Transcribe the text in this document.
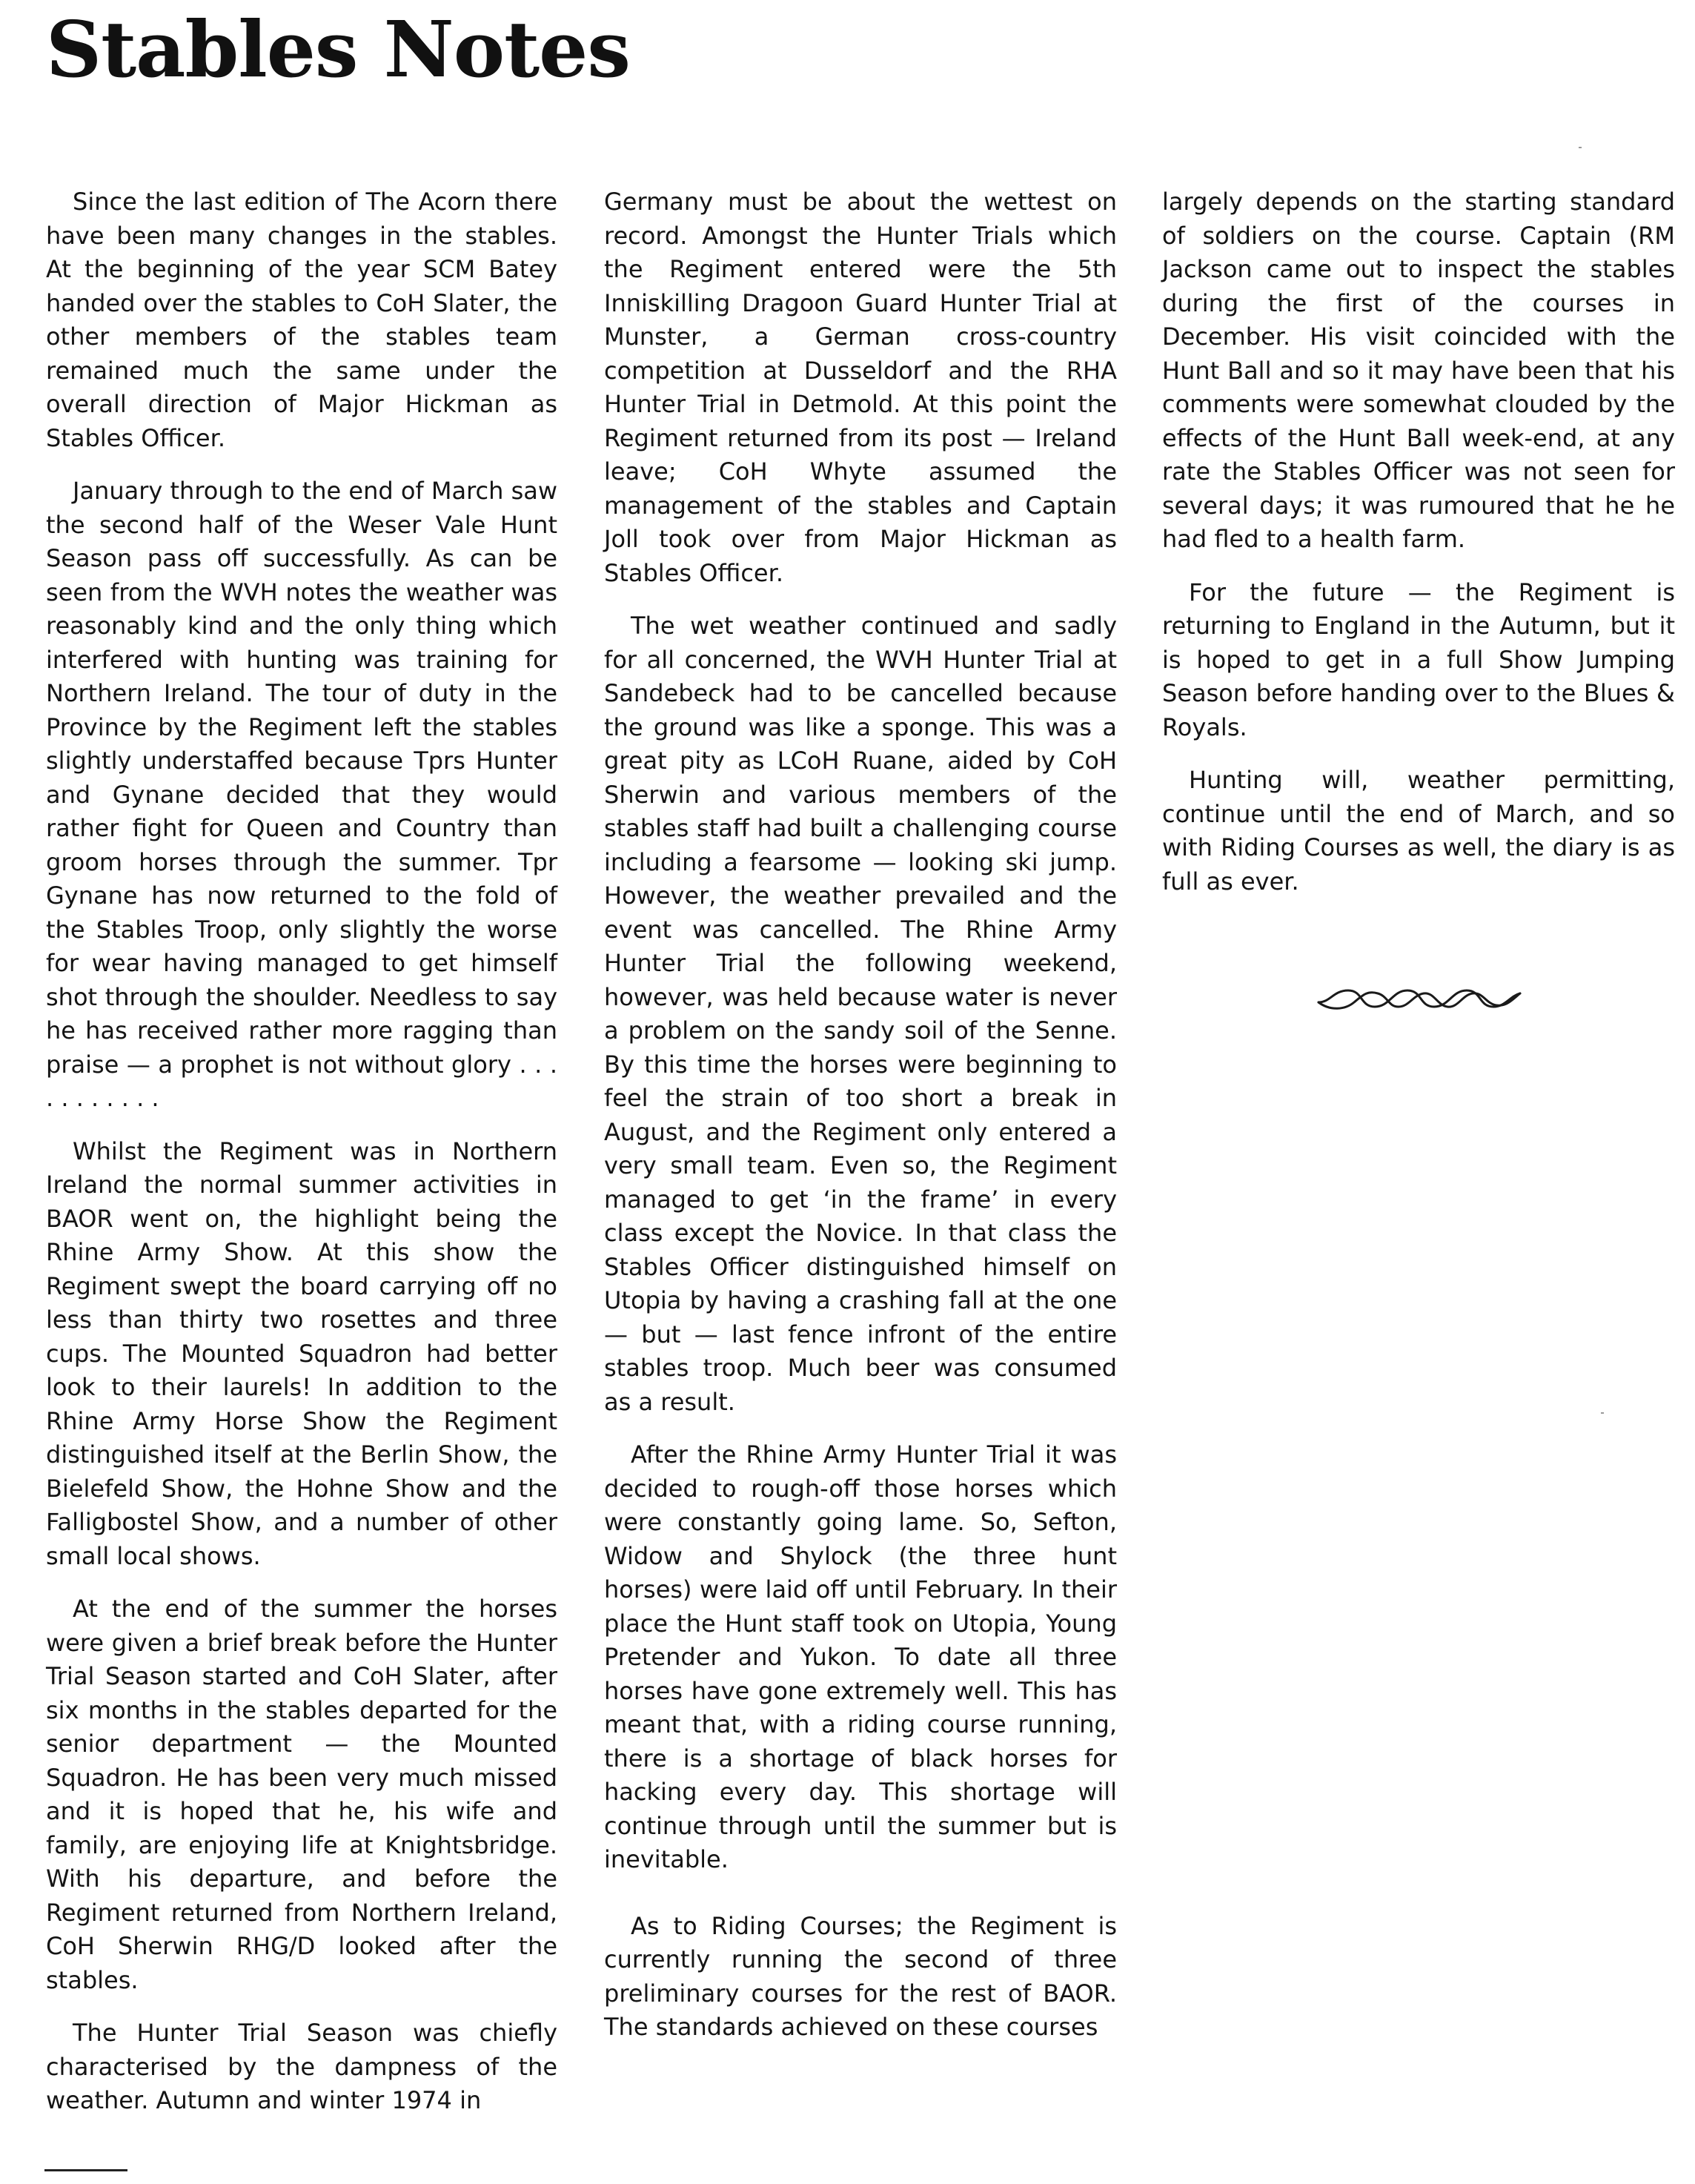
Stables Notes

Since the last edition of The Acorn there have been many changes in the stables. At the beginning of the year SCM Batey handed over the stables to CoH Slater, the other members of the stables team remained much the same under the overall direction of Major Hickman as Stables Officer.

January through to the end of March saw the second half of the Weser Vale Hunt Season pass off successfully. As can be seen from the WVH notes the weather was reasonably kind and the only thing which interfered with hunting was training for Northern Ireland. The tour of duty in the Province by the Regiment left the stables slightly understaffed because Tprs Hunter and Gynane decided that they would rather fight for Queen and Country than groom horses through the summer. Tpr Gynane has now returned to the fold of the Stables Troop, only slightly the worse for wear having managed to get himself shot through the shoulder. Needless to say he has received rather more ragging than praise — a prophet is not without glory . . . . . . . . . . .

Whilst the Regiment was in Northern Ireland the normal summer activities in BAOR went on, the highlight being the Rhine Army Show. At this show the Regiment swept the board carrying off no less than thirty two rosettes and three cups. The Mounted Squadron had better look to their laurels! In addition to the Rhine Army Horse Show the Regiment distinguished itself at the Berlin Show, the Bielefeld Show, the Hohne Show and the Falligbostel Show, and a number of other small local shows.

At the end of the summer the horses were given a brief break before the Hunter Trial Season started and CoH Slater, after six months in the stables departed for the senior department — the Mounted Squadron. He has been very much missed and it is hoped that he, his wife and family, are enjoying life at Knightsbridge. With his departure, and before the Regiment returned from Northern Ireland, CoH Sherwin RHG/D looked after the stables.

The Hunter Trial Season was chiefly characterised by the dampness of the weather. Autumn and winter 1974 in

Germany must be about the wettest on record. Amongst the Hunter Trials which the Regiment entered were the 5th Inniskilling Dragoon Guard Hunter Trial at Munster, a German cross-country competition at Dusseldorf and the RHA Hunter Trial in Detmold. At this point the Regiment returned from its post — Ireland leave; CoH Whyte assumed the management of the stables and Captain Joll took over from Major Hickman as Stables Officer.

The wet weather continued and sadly for all concerned, the WVH Hunter Trial at Sandebeck had to be cancelled because the ground was like a sponge. This was a great pity as LCoH Ruane, aided by CoH Sherwin and various members of the stables staff had built a challenging course including a fearsome — looking ski jump. However, the weather prevailed and the event was cancelled. The Rhine Army Hunter Trial the following weekend, however, was held because water is never a problem on the sandy soil of the Senne. By this time the horses were beginning to feel the strain of too short a break in August, and the Regiment only entered a very small team. Even so, the Regiment managed to get ‘in the frame’ in every class except the Novice. In that class the Stables Officer distinguished himself on Utopia by having a crashing fall at the one — but — last fence infront of the entire stables troop. Much beer was consumed as a result.

After the Rhine Army Hunter Trial it was decided to rough-off those horses which were constantly going lame. So, Sefton, Widow and Shylock (the three hunt horses) were laid off until February. In their place the Hunt staff took on Utopia, Young Pretender and Yukon. To date all three horses have gone extremely well. This has meant that, with a riding course running, there is a shortage of black horses for hacking every day. This shortage will continue through until the summer but is inevitable.

As to Riding Courses; the Regiment is currently running the second of three preliminary courses for the rest of BAOR. The standards achieved on these courses

largely depends on the starting standard of soldiers on the course. Captain (RM Jackson came out to inspect the stables during the first of the courses in December. His visit coincided with the Hunt Ball and so it may have been that his comments were somewhat clouded by the effects of the Hunt Ball week-end, at any rate the Stables Officer was not seen for several days; it was rumoured that he he had fled to a health farm.

For the future — the Regiment is returning to England in the Autumn, but it is hoped to get in a full Show Jumping Season before handing over to the Blues & Royals.

Hunting will, weather permitting, continue until the end of March, and so with Riding Courses as well, the diary is as full as ever.
